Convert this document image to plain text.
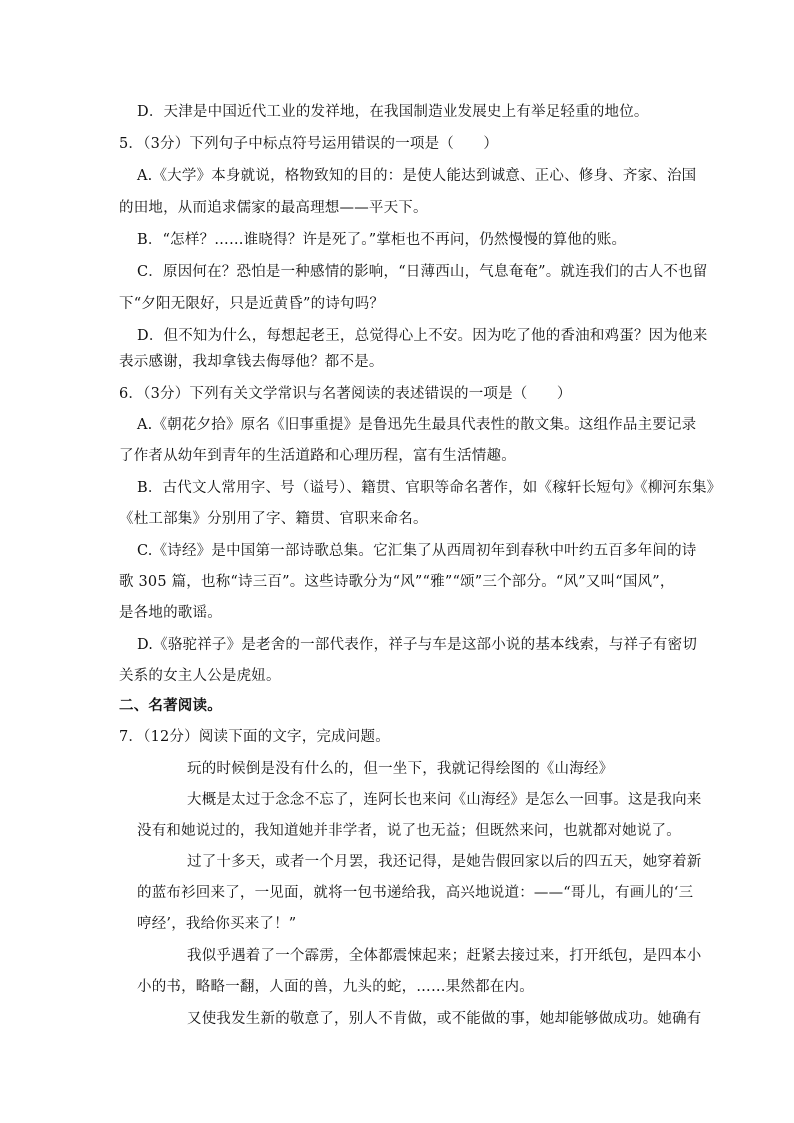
D．天津是中国近代工业的发祥地，在我国制造业发展史上有举足轻重的地位。
5．（3分）下列句子中标点符号运用错误的一项是（　　）
A.《大学》本身就说，格物致知的目的：是使人能达到诚意、正心、修身、齐家、治国
的田地，从而追求儒家的最高理想——平天下。
B．“怎样？……谁晓得？许是死了。”掌柜也不再问，仍然慢慢的算他的账。
C．原因何在？恐怕是一种感情的影响，“日薄西山，气息奄奄”。就连我们的古人不也留
下“夕阳无限好，只是近黄昏”的诗句吗？
D．但不知为什么，每想起老王，总觉得心上不安。因为吃了他的香油和鸡蛋？因为他来
表示感谢，我却拿钱去侮辱他？都不是。
6．（3分）下列有关文学常识与名著阅读的表述错误的一项是（　　）
A.《朝花夕拾》原名《旧事重提》是鲁迅先生最具代表性的散文集。这组作品主要记录
了作者从幼年到青年的生活道路和心理历程，富有生活情趣。
B．古代文人常用字、号（谥号）、籍贯、官职等命名著作，如《稼轩长短句》《柳河东集》
《杜工部集》分别用了字、籍贯、官职来命名。
C.《诗经》是中国第一部诗歌总集。它汇集了从西周初年到春秋中叶约五百多年间的诗
歌 305 篇，也称“诗三百”。这些诗歌分为“风”“雅”“颂”三个部分。“风”又叫“国风”，
是各地的歌谣。
D.《骆驼祥子》是老舍的一部代表作，祥子与车是这部小说的基本线索，与祥子有密切
关系的女主人公是虎妞。
二、名著阅读。
7．（12分）阅读下面的文字，完成问题。
玩的时候倒是没有什么的，但一坐下，我就记得绘图的《山海经》
大概是太过于念念不忘了，连阿长也来问《山海经》是怎么一回事。这是我向来
没有和她说过的，我知道她并非学者，说了也无益；但既然来问，也就都对她说了。
过了十多天，或者一个月罢，我还记得，是她告假回家以后的四五天，她穿着新
的蓝布衫回来了，一见面，就将一包书递给我，高兴地说道：——“哥儿，有画儿的‘三
哼经’，我给你买来了！”
我似乎遇着了一个霹雳，全体都震悚起来；赶紧去接过来，打开纸包，是四本小
小的书，略略一翻，人面的兽，九头的蛇，……果然都在内。
又使我发生新的敬意了，别人不肯做，或不能做的事，她却能够做成功。她确有
